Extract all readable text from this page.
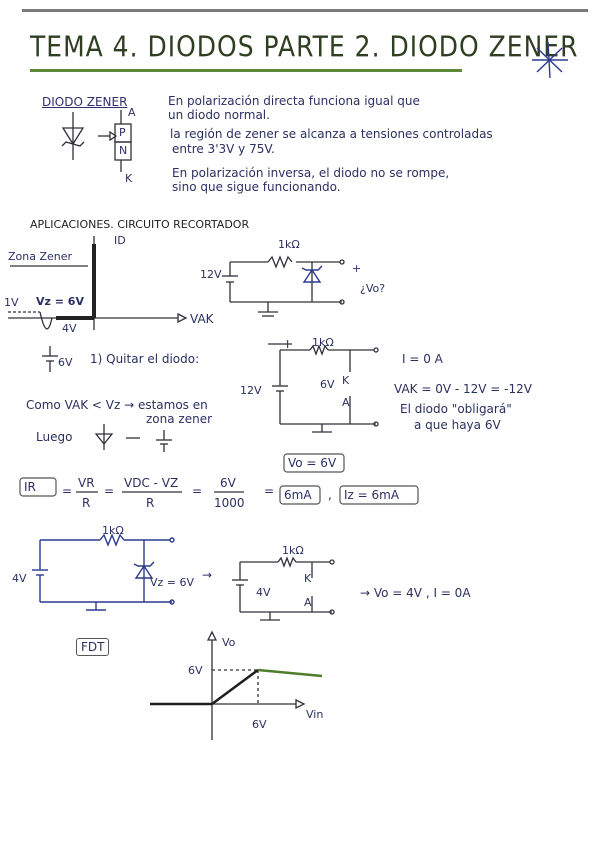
TEMA 4. DIODOS PARTE 2. DIODO ZENER
DIODO ZENER
A
P
N
K
En polarización directa funciona igual que
un diodo normal.
la región de zener se alcanza a tensiones controladas
entre 3'3V y 75V.
En polarización inversa, el diodo no se rompe,
sino que sigue funcionando.
APLICACIONES. CIRCUITO RECORTADOR
Zona Zener
ID
VAK
1V Vz = 6V
4V
1kΩ
12V	+
¿Vo?
6V 1) Quitar el diodo:
I 1kΩ
I = 0 A
12V	6V K
A
VAK = 0V - 12V = -12V
El diodo "obligará"
a que haya 6V
Como VAK < Vz → estamos en
zona zener
Luego
Vo = 6V
IR =
VR
R
=
VDC - VZ
R
=
6V
1000
= 6mA , Iz = 6mA
1kΩ
4V	Vz = 6V
→
1kΩ
4V
K
A
→ Vo = 4V , I = 0A
FDT	Vo
6V
Vin
6V
